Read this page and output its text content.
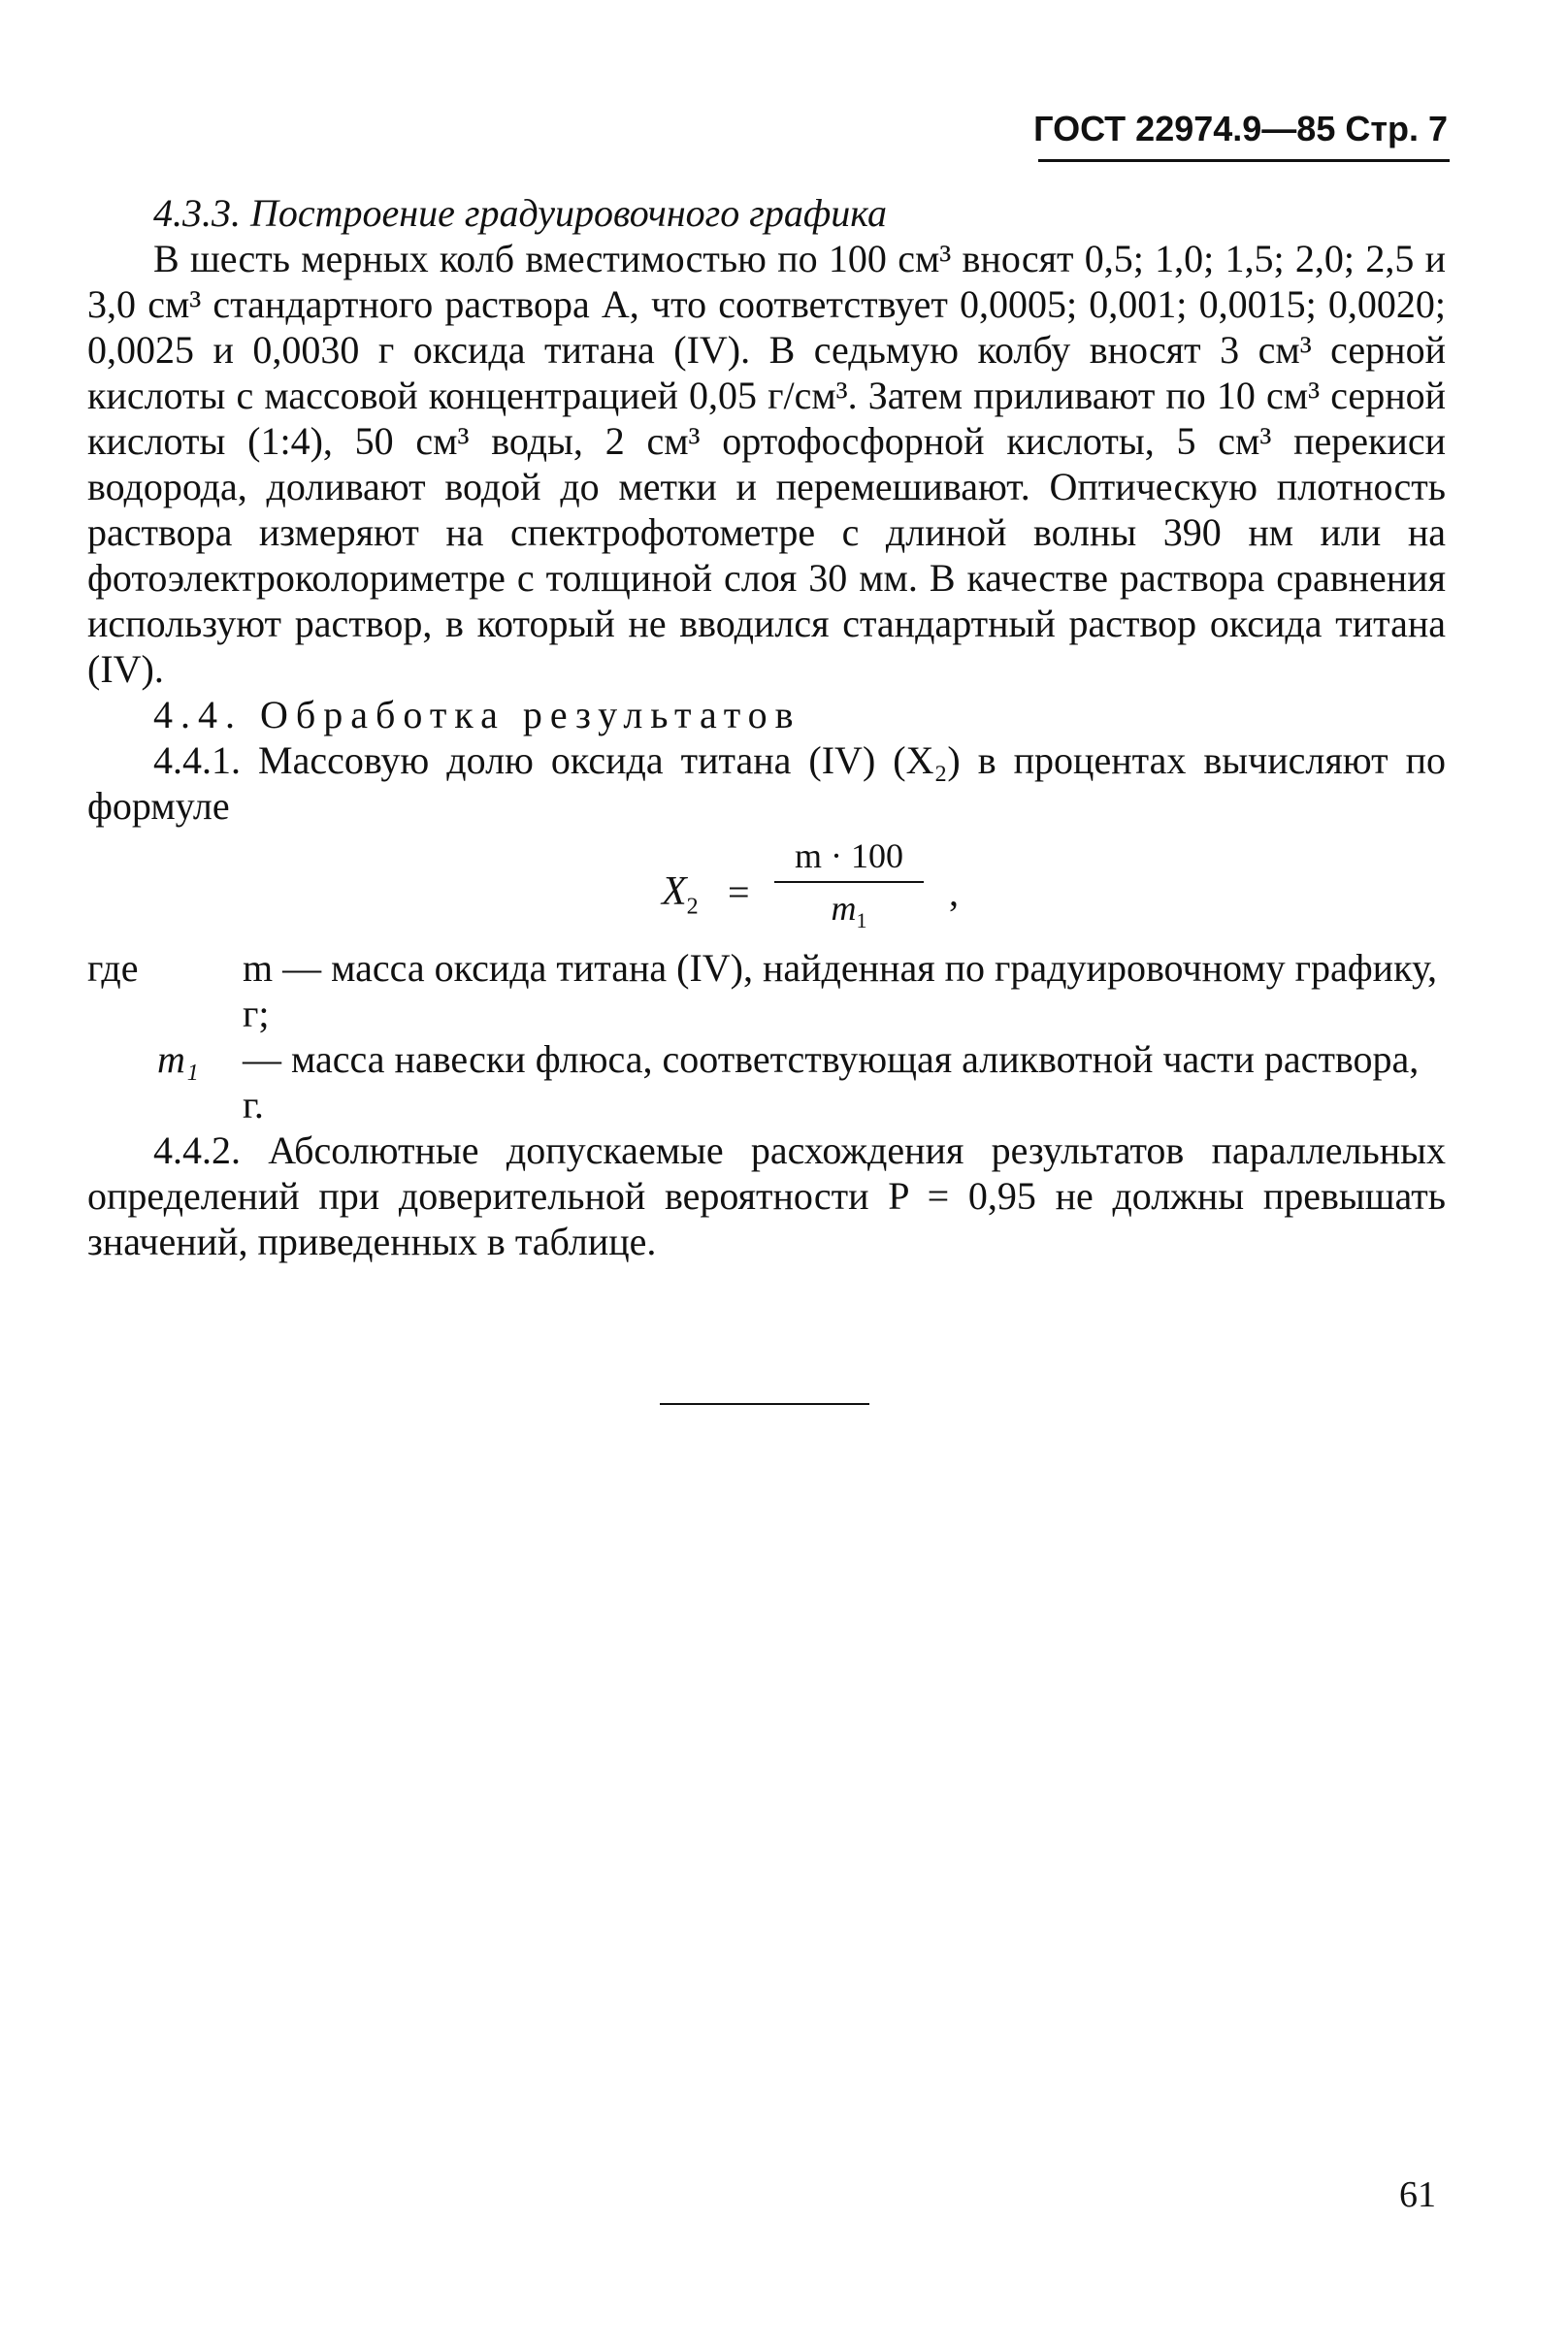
ГОСТ 22974.9—85 Стр. 7
4.3.3. Построение градуировочного графика
В шесть мерных колб вместимостью по 100 см³ вносят 0,5; 1,0; 1,5; 2,0; 2,5 и 3,0 см³ стандартного раствора А, что соответствует 0,0005; 0,001; 0,0015; 0,0020; 0,0025 и 0,0030 г оксида титана (IV). В седьмую колбу вносят 3 см³ серной кислоты с массовой концентрацией 0,05 г/см³. Затем приливают по 10 см³ серной кислоты (1:4), 50 см³ воды, 2 см³ ортофосфорной кислоты, 5 см³ перекиси водорода, доливают водой до метки и перемешивают. Оптическую плотность раствора измеряют на спектрофотометре с длиной волны 390 нм или на фотоэлектроколориметре с толщиной слоя 30 мм. В качестве раствора сравнения используют раствор, в который не вводился стандартный раствор оксида титана (IV).
4.4. Обработка результатов
4.4.1. Массовую долю оксида титана (IV) (X₂) в процентах вычисляют по формуле
$X_2$ =
m · 100
$m_1$
,
где	m — масса оксида титана (IV), найденная по градуировочному графику, г;
m₁ — масса навески флюса, соответствующая аликвотной части раствора, г.
4.4.2. Абсолютные допускаемые расхождения результатов параллельных определений при доверительной вероятности P = 0,95 не должны превышать значений, приведенных в таблице.
61
